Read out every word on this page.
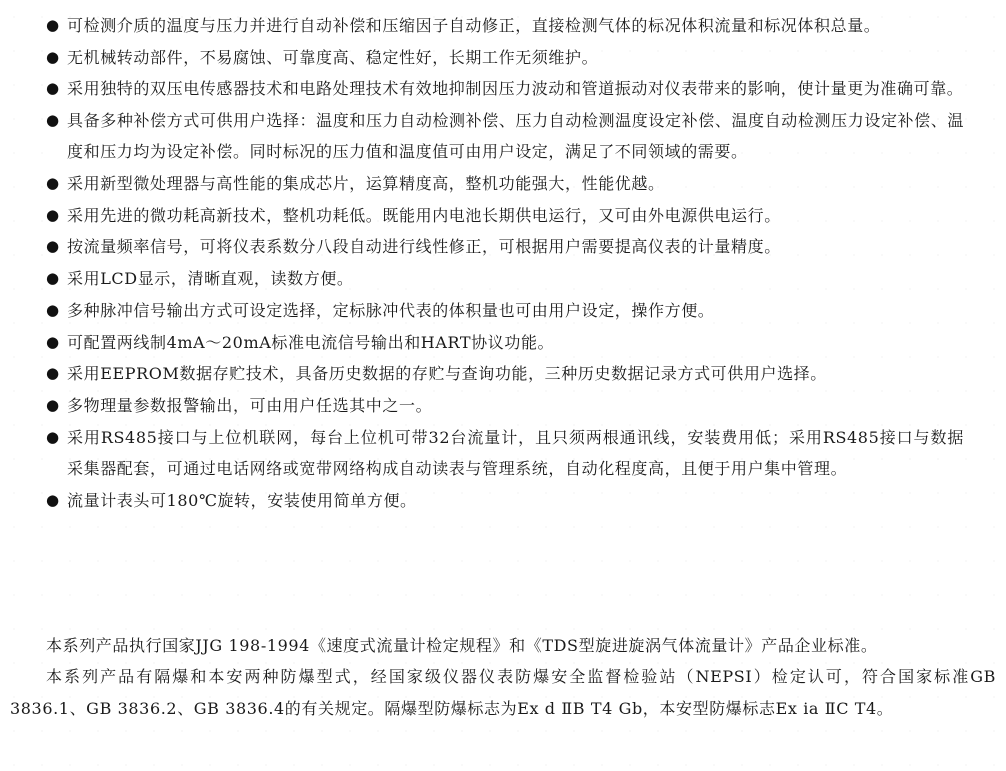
● 可检测介质的温度与压力并进行自动补偿和压缩因子自动修正，直接检测气体的标况体积流量和标况体积总量。
● 无机械转动部件，不易腐蚀、可靠度高、稳定性好，长期工作无须维护。
● 采用独特的双压电传感器技术和电路处理技术有效地抑制因压力波动和管道振动对仪表带来的影响，使计量更为准确可靠。
● 具备多种补偿方式可供用户选择：温度和压力自动检测补偿、压力自动检测温度设定补偿、温度自动检测压力设定补偿、温度和压力均为设定补偿。同时标况的压力值和温度值可由用户设定，满足了不同领域的需要。
● 采用新型微处理器与高性能的集成芯片，运算精度高，整机功能强大，性能优越。
● 采用先进的微功耗高新技术，整机功耗低。既能用内电池长期供电运行，又可由外电源供电运行。
● 按流量频率信号，可将仪表系数分八段自动进行线性修正，可根据用户需要提高仪表的计量精度。
● 采用LCD显示，清晰直观，读数方便。
● 多种脉冲信号输出方式可设定选择，定标脉冲代表的体积量也可由用户设定，操作方便。
● 可配置两线制4mA～20mA标准电流信号输出和HART协议功能。
● 采用EEPROM数据存贮技术，具备历史数据的存贮与查询功能，三种历史数据记录方式可供用户选择。
● 多物理量参数报警输出，可由用户任选其中之一。
● 采用RS485接口与上位机联网，每台上位机可带32台流量计，且只须两根通讯线，安装费用低；采用RS485接口与数据采集器配套，可通过电话网络或宽带网络构成自动读表与管理系统，自动化程度高，且便于用户集中管理。
● 流量计表头可180℃旋转，安装使用简单方便。

本系列产品执行国家JJG 198-1994《速度式流量计检定规程》和《TDS型旋进旋涡气体流量计》产品企业标准。

本系列产品有隔爆和本安两种防爆型式，经国家级仪器仪表防爆安全监督检验站（NEPSI）检定认可，符合国家标准GB 3836.1、GB 3836.2、GB 3836.4的有关规定。隔爆型防爆标志为Ex d ⅡB T4 Gb，本安型防爆标志Ex ia ⅡC T4。
